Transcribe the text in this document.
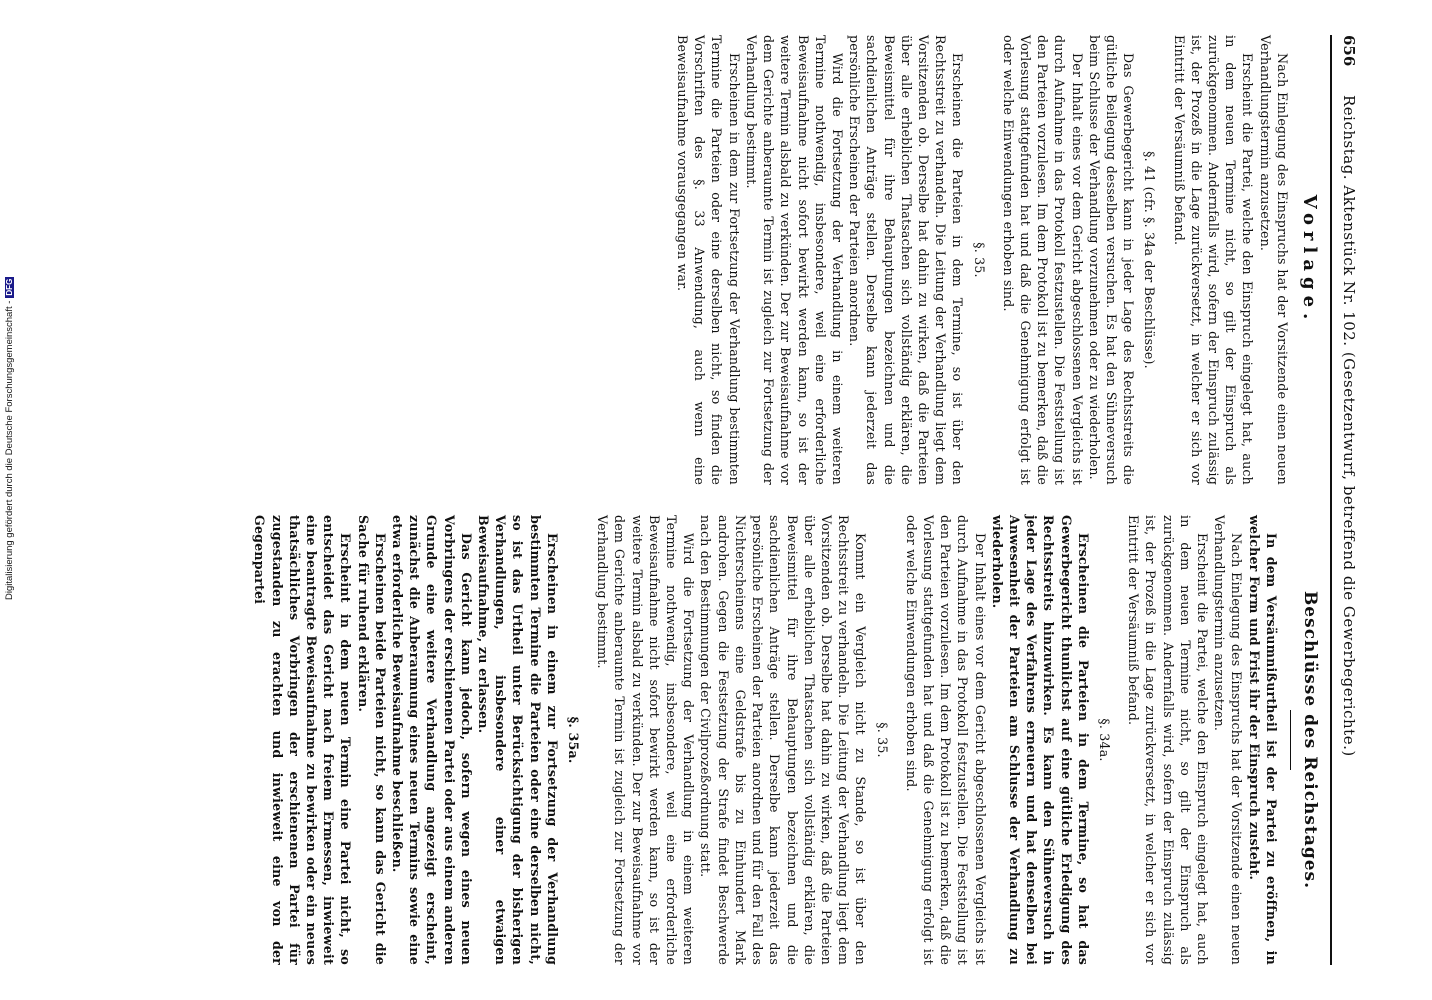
656
Reichstag. Aktenstück Nr. 102. (Gesetzentwurf, betreffend die Gewerbegerichte.)
Vorlage.

Nach Einlegung des Einspruchs hat der Vorsitzende einen neuen Verhandlungstermin anzusetzen.

Erscheint die Partei, welche den Einspruch eingelegt hat, auch in dem neuen Termine nicht, so gilt der Einspruch als zurückgenommen. Andernfalls wird, sofern der Einspruch zulässig ist, der Prozeß in die Lage zurückversetzt, in welcher er sich vor Eintritt der Versäumniß befand.

§. 41 (cfr. §. 34a der Beschlüsse).

Das Gewerbegericht kann in jeder Lage des Rechtsstreits die gütliche Beilegung desselben versuchen. Es hat den Sühneversuch beim Schlusse der Verhandlung vorzunehmen oder zu wiederholen.

Der Inhalt eines vor dem Gericht abgeschlossenen Vergleichs ist durch Aufnahme in das Protokoll festzustellen. Die Feststellung ist den Parteien vorzulesen. Im dem Protokoll ist zu bemerken, daß die Vorlesung stattgefunden hat und daß die Genehmigung erfolgt ist oder welche Einwendungen erhoben sind.

§. 35.

Erscheinen die Parteien in dem Termine, so ist über den Rechtsstreit zu verhandeln. Die Leitung der Verhandlung liegt dem Vorsitzenden ob. Derselbe hat dahin zu wirken, daß die Parteien über alle erheblichen Thatsachen sich vollständig erklären, die Beweismittel für ihre Behauptungen bezeichnen und die sachdienlichen Anträge stellen. Derselbe kann jederzeit das persönliche Erscheinen der Parteien anordnen.

Wird die Fortsetzung der Verhandlung in einem weiteren Termine nothwendig, insbesondere, weil eine erforderliche Beweisaufnahme nicht sofort bewirkt werden kann, so ist der weitere Termin alsbald zu verkünden. Der zur Beweisaufnahme vor dem Gerichte anberaumte Termin ist zugleich zur Fortsetzung der Verhandlung bestimmt.

Erscheinen in dem zur Fortsetzung der Verhandlung bestimmten Termine die Parteien oder eine derselben nicht, so finden die Vorschriften des §. 33 Anwendung, auch wenn eine Beweisaufnahme vorausgegangen war.

Beschlüsse des Reichstages.

In dem Versäumnißurtheil ist der Partei zu eröffnen, in welcher Form und Frist ihr der Einspruch zusteht.

Nach Einlegung des Einspruchs hat der Vorsitzende einen neuen Verhandlungstermin anzusetzen.

Erscheint die Partei, welche den Einspruch eingelegt hat, auch in dem neuen Termine nicht, so gilt der Einspruch als zurückgenommen. Andernfalls wird, sofern der Einspruch zulässig ist, der Prozeß in die Lage zurückversetzt, in welcher er sich vor Eintritt der Versäumniß befand.

§. 34a.

Erscheinen die Parteien in dem Termine, so hat das Gewerbegericht thunlichst auf eine gütliche Erledigung des Rechtsstreits hinzuwirken. Es kann den Sühneversuch in jeder Lage des Verfahrens erneuern und hat denselben bei Anwesenheit der Parteien am Schlusse der Verhandlung zu wiederholen.

Der Inhalt eines vor dem Gericht abgeschlossenen Vergleichs ist durch Aufnahme in das Protokoll festzustellen. Die Feststellung ist den Parteien vorzulesen. Im dem Protokoll ist zu bemerken, daß die Vorlesung stattgefunden hat und daß die Genehmigung erfolgt ist oder welche Einwendungen erhoben sind.

§. 35.

Kommt ein Vergleich nicht zu Stande, so ist über den Rechtsstreit zu verhandeln. Die Leitung der Verhandlung liegt dem Vorsitzenden ob. Derselbe hat dahin zu wirken, daß die Parteien über alle erheblichen Thatsachen sich vollständig erklären, die Beweismittel für ihre Behauptungen bezeichnen und die sachdienlichen Anträge stellen. Derselbe kann jederzeit das persönliche Erscheinen der Parteien anordnen und für den Fall des Nichterscheinens eine Geldstrafe bis zu Einhundert Mark androhen. Gegen die Festsetzung der Strafe findet Beschwerde nach den Bestimmungen der Civilprozeßordnung statt.

Wird die Fortsetzung der Verhandlung in einem weiteren Termine nothwendig, insbesondere, weil eine erforderliche Beweisaufnahme nicht sofort bewirkt werden kann, so ist der weitere Termin alsbald zu verkünden. Der zur Beweisaufnahme vor dem Gerichte anberaumte Termin ist zugleich zur Fortsetzung der Verhandlung bestimmt.

§. 35a.

Erscheinen in einem zur Fortsetzung der Verhandlung bestimmten Termine die Parteien oder eine derselben nicht, so ist das Urtheil unter Berücksichtigung der bisherigen Verhandlungen, insbesondere einer etwaigen Beweisaufnahme, zu erlassen.

Das Gericht kann jedoch, sofern wegen eines neuen Vorbringens der erschienenen Partei oder aus einem anderen Grunde eine weitere Verhandlung angezeigt erscheint, zunächst die Anberaumung eines neuen Termins sowie eine etwa erforderliche Beweisaufnahme beschließen.

Erscheinen beide Parteien nicht, so kann das Gericht die Sache für ruhend erklären.

Erscheint in dem neuen Termin eine Partei nicht, so entscheidet das Gericht nach freiem Ermessen, inwieweit eine beantragte Beweisaufnahme zu bewirken oder ein neues thatsächliches Vorbringen der erschienenen Partei für zugestanden zu erachten und inwieweit eine von der Gegenpartei

Digitalisierung gefördert durch die Deutsche Forschungsgemeinschaft -DFG
